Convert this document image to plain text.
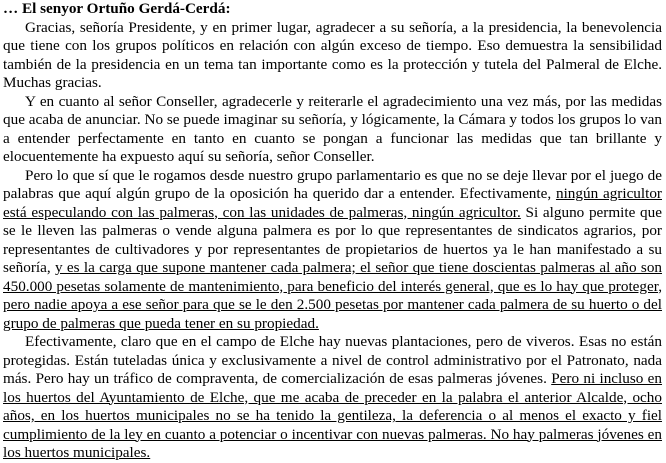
… El senyor Ortuño Gerdá-Cerdá:

Gracias, señoría Presidente, y en primer lugar, agradecer a su señoría, a la presidencia, la benevolencia que tiene con los grupos políticos en relación con algún exceso de tiempo. Eso demuestra la sensibilidad también de la presidencia en un tema tan importante como es la protección y tutela del Palmeral de Elche. Muchas gracias.

Y en cuanto al señor Conseller, agradecerle y reiterarle el agradecimiento una vez más, por las medidas que acaba de anunciar. No se puede imaginar su señoría, y lógicamente, la Cámara y todos los grupos lo van a entender perfectamente en tanto en cuanto se pongan a funcionar las medidas que tan brillante y elocuentemente ha expuesto aquí su señoría, señor Conseller.

Pero lo que sí que le rogamos desde nuestro grupo parlamentario es que no se deje llevar por el juego de palabras que aquí algún grupo de la oposición ha querido dar a entender. Efectivamente, ningún agricultor está especulando con las palmeras, con las unidades de palmeras, ningún agricultor. Si alguno permite que se le lleven las palmeras o vende alguna palmera es por lo que representantes de sindicatos agrarios, por representantes de cultivadores y por representantes de propietarios de huertos ya le han manifestado a su señoría, y es la carga que supone mantener cada palmera; el señor que tiene doscientas palmeras al año son 450.000 pesetas solamente de mantenimiento, para beneficio del interés general, que es lo hay que proteger, pero nadie apoya a ese señor para que se le den 2.500 pesetas por mantener cada palmera de su huerto o del grupo de palmeras que pueda tener en su propiedad.

Efectivamente, claro que en el campo de Elche hay nuevas plantaciones, pero de viveros. Esas no están protegidas. Están tuteladas única y exclusivamente a nivel de control administrativo por el Patronato, nada más. Pero hay un tráfico de compraventa, de comercialización de esas palmeras jóvenes. Pero ni incluso en los huertos del Ayuntamiento de Elche, que me acaba de preceder en la palabra el anterior Alcalde, ocho años, en los huertos municipales no se ha tenido la gentileza, la deferencia o al menos el exacto y fiel cumplimiento de la ley en cuanto a potenciar o incentivar con nuevas palmeras. No hay palmeras jóvenes en los huertos municipales.
